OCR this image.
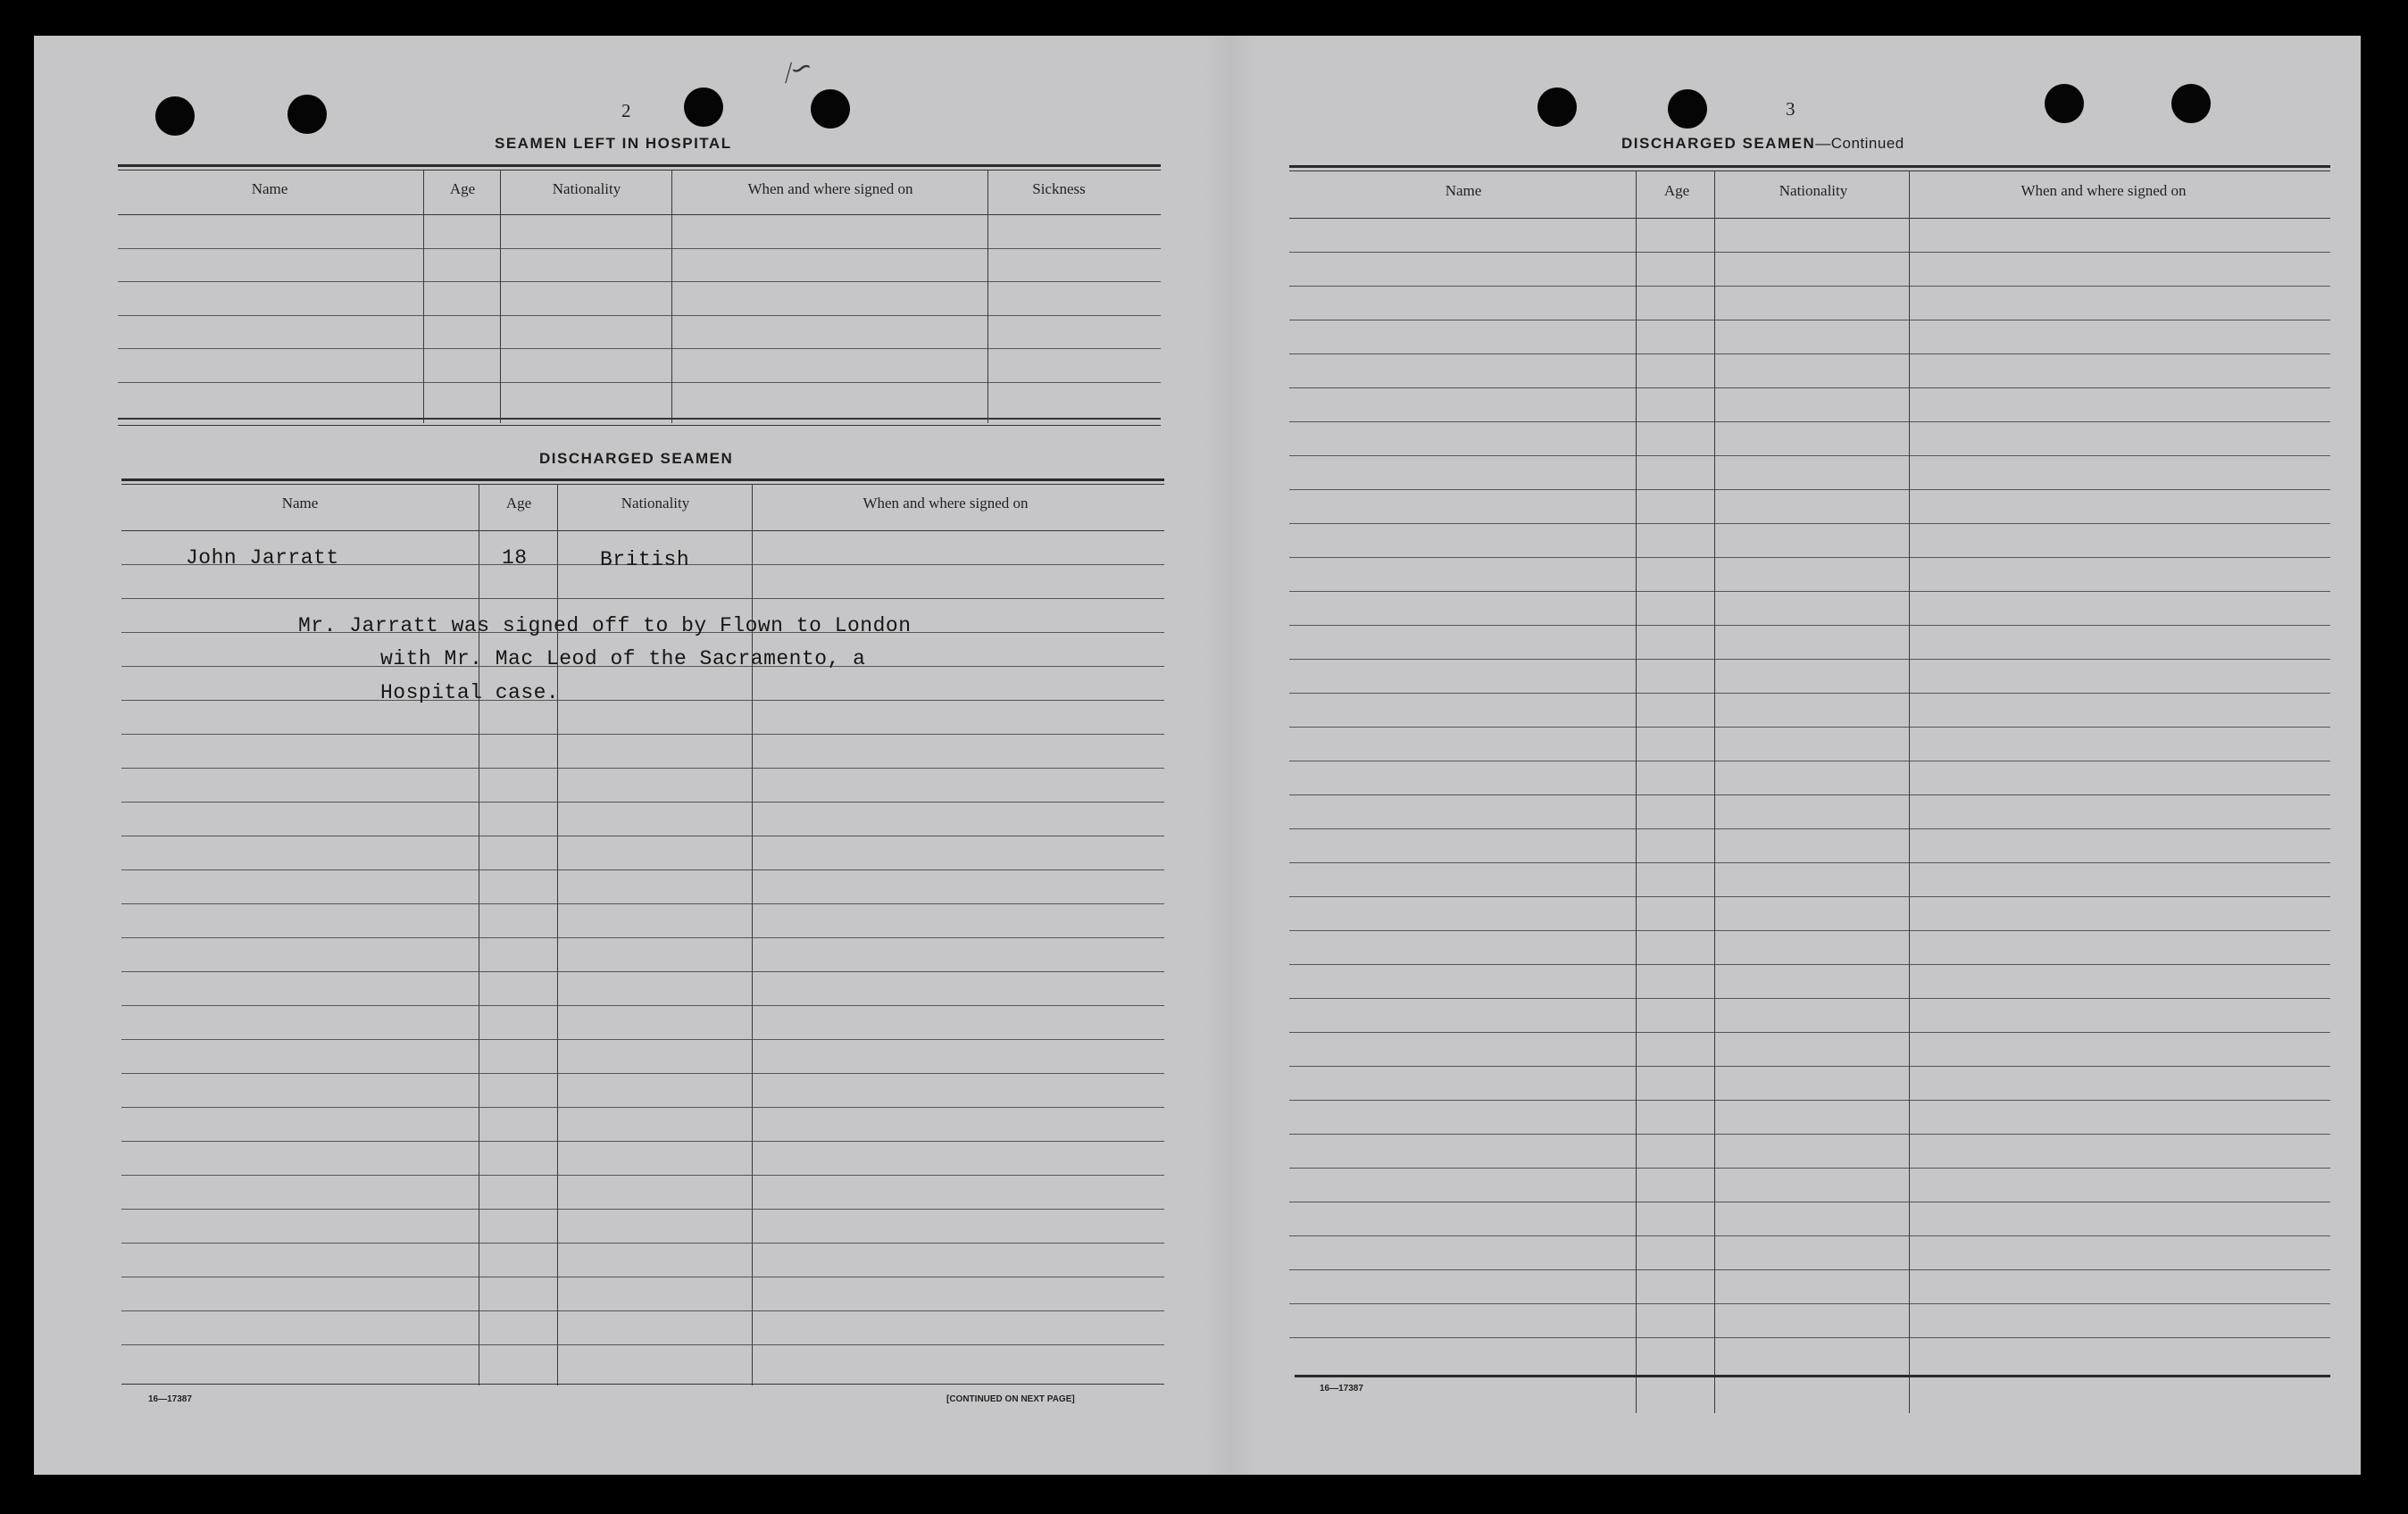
⁄∽
2
SEAMEN LEFT IN HOSPITAL
Name	Age	Nationality	When and where signed on	Sickness
DISCHARGED SEAMEN
Name	Age	Nationality	When and where signed on
John Jarratt	18	British
Mr. Jarratt was signed off to by Flown to London
with Mr. Mac Leod of the Sacramento, a
Hospital case.
16—17387	[CONTINUED ON NEXT PAGE]
3
DISCHARGED SEAMEN—Continued
Name	Age	Nationality	When and where signed on
16—17387
